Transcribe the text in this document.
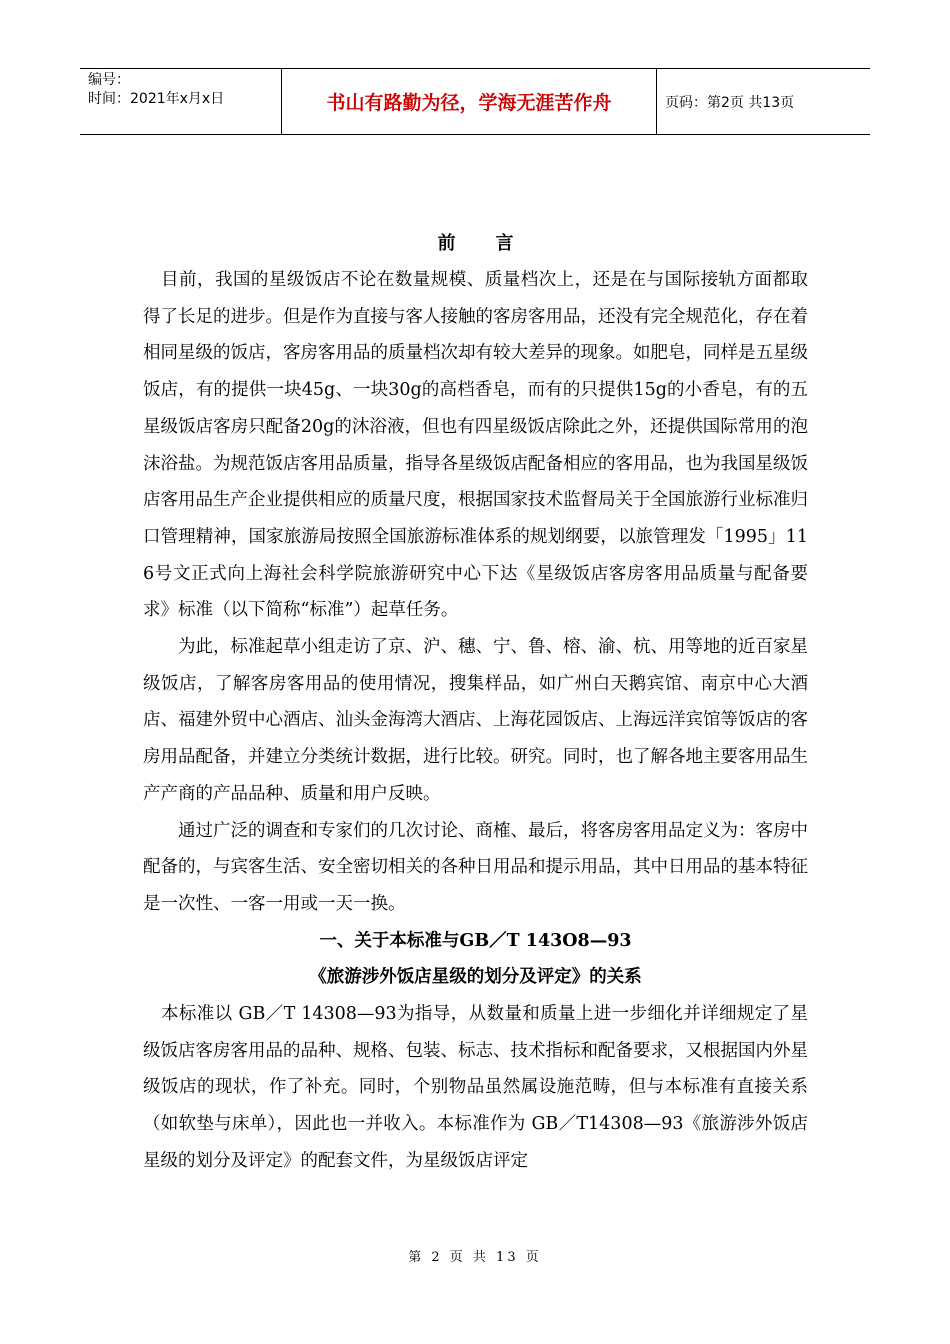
编号：
时间：2021年x月x日	书山有路勤为径，学海无涯苦作舟	页码：第2页 共13页
前言

目前，我国的星级饭店不论在数量规模、质量档次上，还是在与国际接轨方面都取得了长足的进步。但是作为直接与客人接触的客房客用品，还没有完全规范化，存在着相同星级的饭店，客房客用品的质量档次却有较大差异的现象。如肥皂，同样是五星级饭店，有的提供一块45g、一块30g的高档香皂，而有的只提供15g的小香皂，有的五星级饭店客房只配备20g的沐浴液，但也有四星级饭店除此之外，还提供国际常用的泡沫浴盐。为规范饭店客用品质量，指导各星级饭店配备相应的客用品，也为我国星级饭店客用品生产企业提供相应的质量尺度，根据国家技术监督局关于全国旅游行业标准归口管理精神，国家旅游局按照全国旅游标准体系的规划纲要，以旅管理发「1995」116号文正式向上海社会科学院旅游研究中心下达《星级饭店客房客用品质量与配备要求》标准（以下简称“标准”）起草任务。

为此，标准起草小组走访了京、沪、穗、宁、鲁、榕、渝、杭、用等地的近百家星级饭店，了解客房客用品的使用情况，搜集样品，如广州白天鹅宾馆、南京中心大酒店、福建外贸中心酒店、汕头金海湾大酒店、上海花园饭店、上海远洋宾馆等饭店的客房用品配备，并建立分类统计数据，进行比较。研究。同时，也了解各地主要客用品生产产商的产品品种、质量和用户反映。

通过广泛的调查和专家们的几次讨论、商榷、最后，将客房客用品定义为：客房中配备的，与宾客生活、安全密切相关的各种日用品和提示用品，其中日用品的基本特征是一次性、一客一用或一天一换。

一、关于本标准与GB／T 143O8—93

《旅游涉外饭店星级的划分及评定》的关系

本标准以 GB／T 14308—93为指导，从数量和质量上进一步细化并详细规定了星级饭店客房客用品的品种、规格、包装、标志、技术指标和配备要求，又根据国内外星级饭店的现状，作了补充。同时，个别物品虽然属设施范畴，但与本标准有直接关系（如软垫与床单），因此也一并收入。本标准作为 GB／T14308—93《旅游涉外饭店星级的划分及评定》的配套文件，为星级饭店评定

第 2 页 共 13 页
